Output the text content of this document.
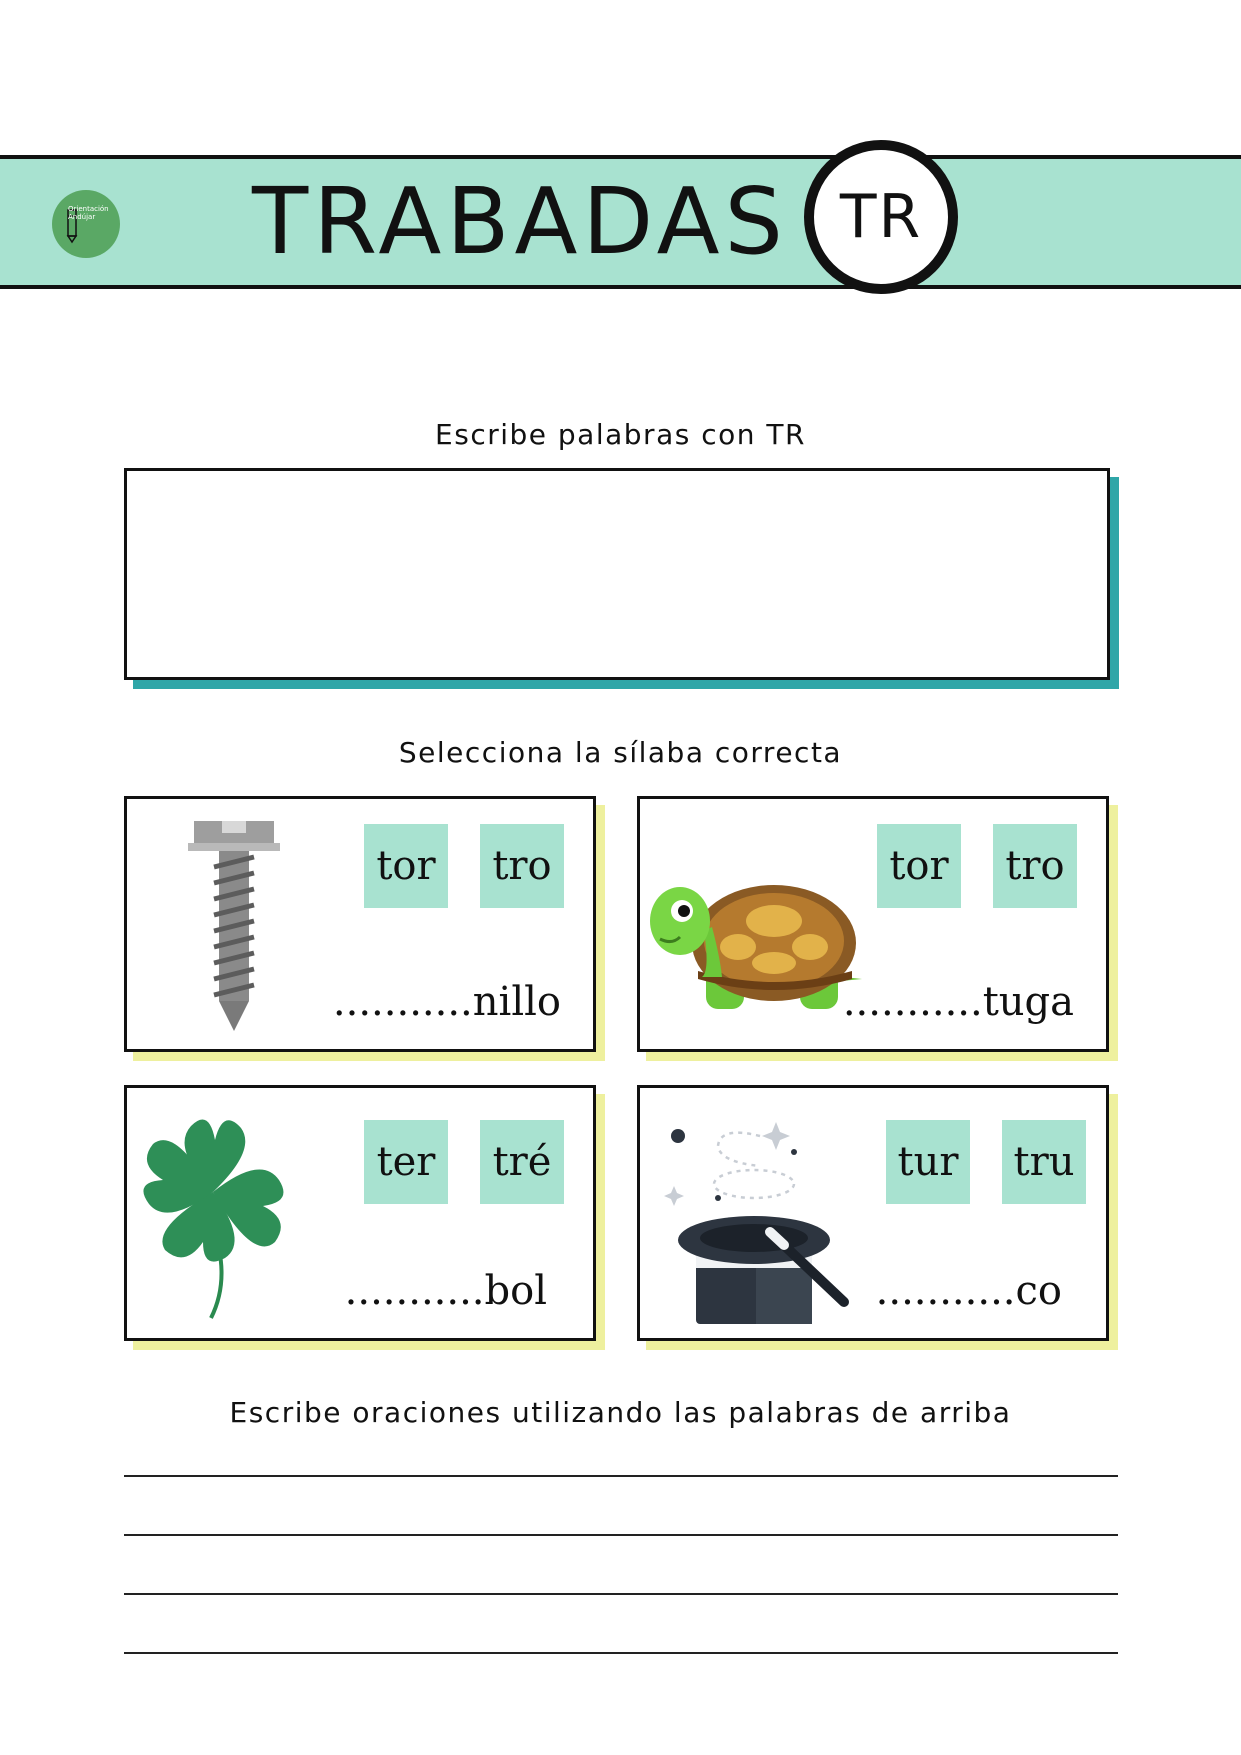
Orientación
Andújar TRABADAS TR
Escribe palabras con TR
Selecciona la sílaba correcta
tor	tro
...........nillo
tor	tro
...........tuga
ter	tré
...........bol
tur tru
...........co
Escribe oraciones utilizando las palabras de arriba
